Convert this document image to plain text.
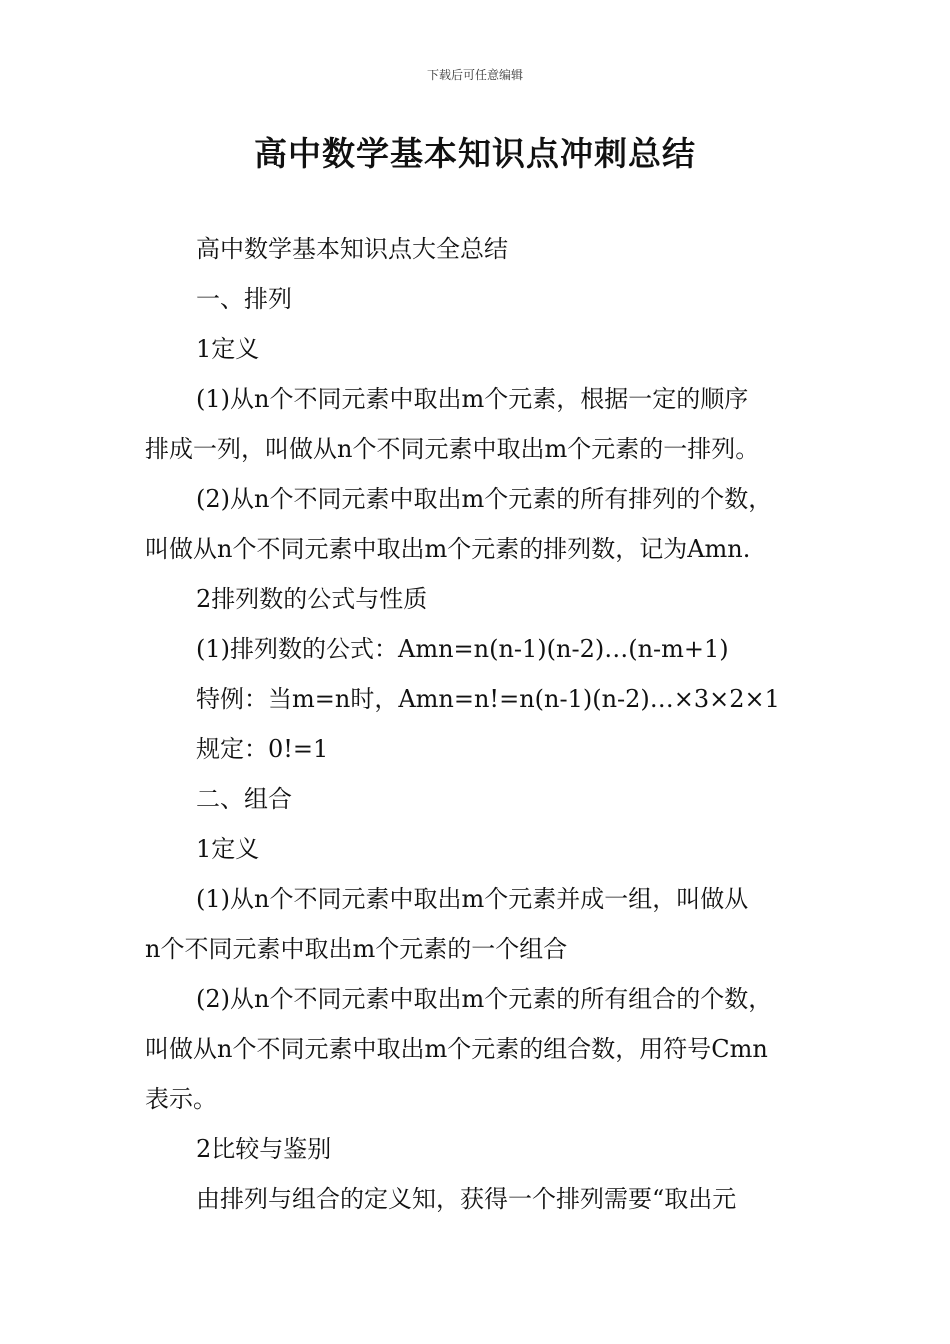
下载后可任意编辑
高中数学基本知识点冲刺总结
高中数学基本知识点大全总结
一、排列
1定义
(1)从n个不同元素中取出m个元素，根据一定的顺序
排成一列，叫做从n个不同元素中取出m个元素的一排列。
(2)从n个不同元素中取出m个元素的所有排列的个数，
叫做从n个不同元素中取出m个元素的排列数，记为Amn.
2排列数的公式与性质
(1)排列数的公式：Amn=n(n-1)(n-2)…(n-m+1)
特例：当m=n时，Amn=n!=n(n-1)(n-2)…×3×2×1
规定：0!=1
二、组合
1定义
(1)从n个不同元素中取出m个元素并成一组，叫做从
n个不同元素中取出m个元素的一个组合
(2)从n个不同元素中取出m个元素的所有组合的个数，
叫做从n个不同元素中取出m个元素的组合数，用符号Cmn
表示。
2比较与鉴别
由排列与组合的定义知，获得一个排列需要“取出元
